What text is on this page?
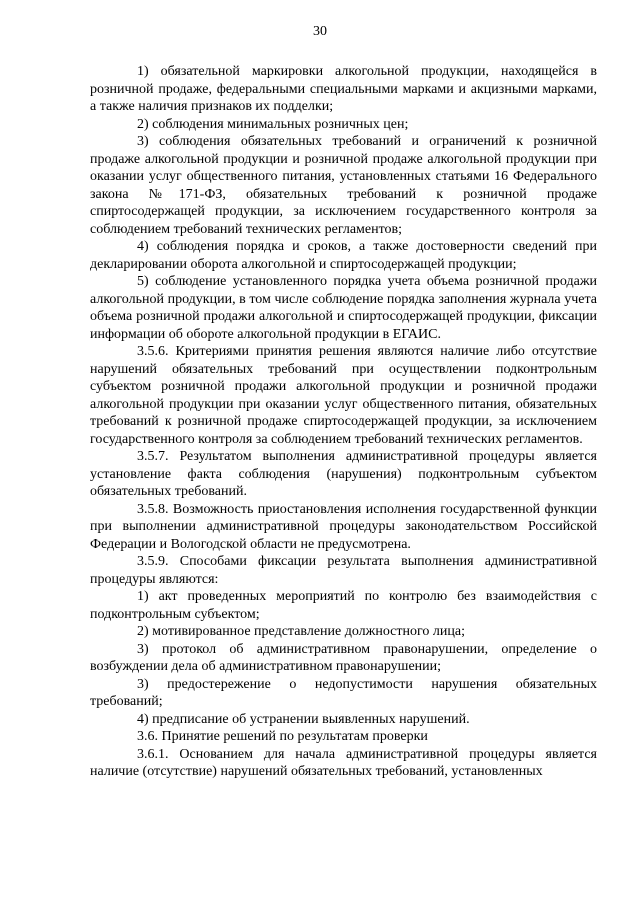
30

1) обязательной маркировки алкогольной продукции, находящейся в розничной продаже, федеральными специальными марками и акцизными марками, а также наличия признаков их подделки;

2) соблюдения минимальных розничных цен;

3) соблюдения обязательных требований и ограничений к розничной продаже алкогольной продукции и розничной продаже алкогольной продукции при оказании услуг общественного питания, установленных статьями 16 Федерального закона №171-ФЗ, обязательных требований к розничной продаже спиртосодержащей продукции, за исключением государственного контроля за соблюдением требований технических регламентов;

4) соблюдения порядка и сроков, а также достоверности сведений при декларировании оборота алкогольной и спиртосодержащей продукции;

5) соблюдение установленного порядка учета объема розничной продажи алкогольной продукции, в том числе соблюдение порядка заполнения журнала учета объема розничной продажи алкогольной и спиртосодержащей продукции, фиксации информации об обороте алкогольной продукции в ЕГАИС.

3.5.6. Критериями принятия решения являются наличие либо отсутствие нарушений обязательных требований при осуществлении подконтрольным субъектом розничной продажи алкогольной продукции и розничной продажи алкогольной продукции при оказании услуг общественного питания, обязательных требований к розничной продаже спиртосодержащей продукции, за исключением государственного контроля за соблюдением требований технических регламентов.

3.5.7. Результатом выполнения административной процедуры является установление факта соблюдения (нарушения) подконтрольным субъектом обязательных требований.

3.5.8. Возможность приостановления исполнения государственной функции при выполнении административной процедуры законодательством Российской Федерации и Вологодской области не предусмотрена.

3.5.9. Способами фиксации результата выполнения административной процедуры являются:

1) акт проведенных мероприятий по контролю без взаимодействия с подконтрольным субъектом;

2) мотивированное представление должностного лица;

3) протокол об административном правонарушении, определение о возбуждении дела об административном правонарушении;

3) предостережение о недопустимости нарушения обязательных требований;

4) предписание об устранении выявленных нарушений.

3.6. Принятие решений по результатам проверки

3.6.1. Основанием для начала административной процедуры является наличие (отсутствие) нарушений обязательных требований, установленных
